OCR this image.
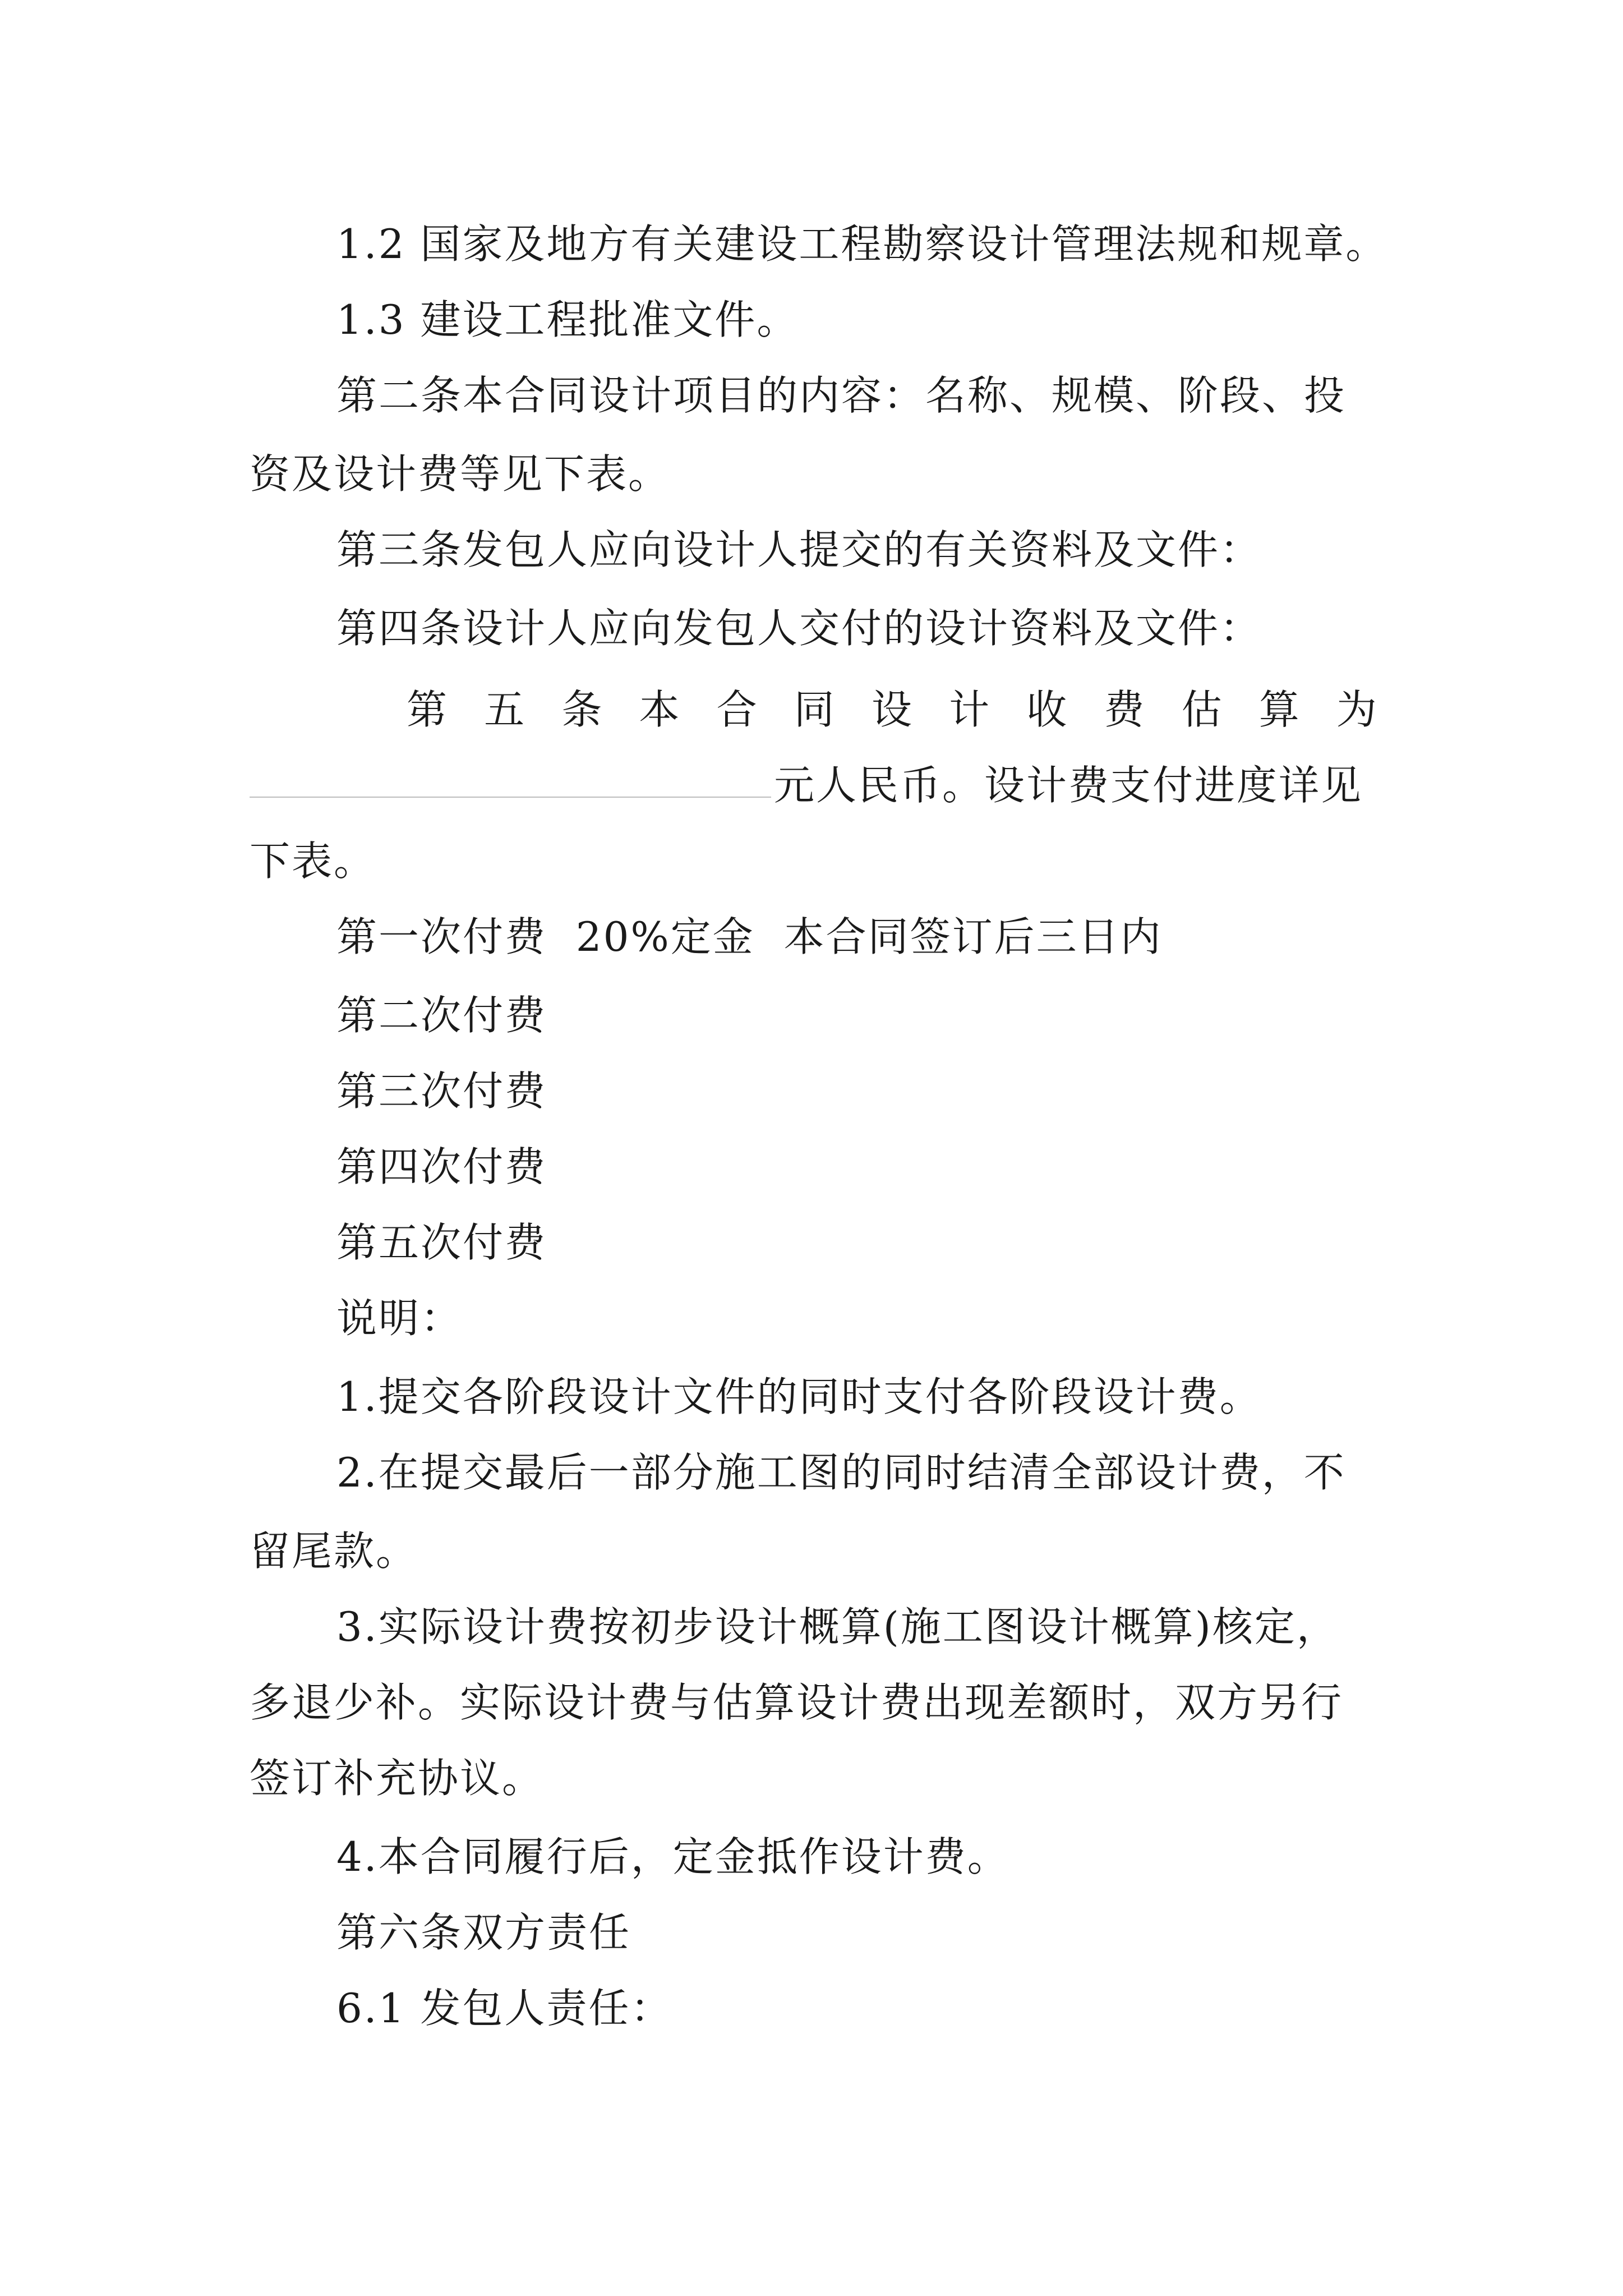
1.2 国家及地方有关建设工程勘察设计管理法规和规章。
1.3 建设工程批准文件。
第二条本合同设计项目的内容：名称、规模、阶段、投
资及设计费等见下表。
第三条发包人应向设计人提交的有关资料及文件：
第四条设计人应向发包人交付的设计资料及文件：
第 五 条 本 合 同 设 计 收 费 估 算 为
元人民币。设计费支付进度详见
下表。
第一次付费  20%定金  本合同签订后三日内
第二次付费
第三次付费
第四次付费
第五次付费
说明：
1.提交各阶段设计文件的同时支付各阶段设计费。
2.在提交最后一部分施工图的同时结清全部设计费，不
留尾款。
3.实际设计费按初步设计概算(施工图设计概算)核定，
多退少补。实际设计费与估算设计费出现差额时，双方另行
签订补充协议。
4.本合同履行后，定金抵作设计费。
第六条双方责任
6.1 发包人责任：
